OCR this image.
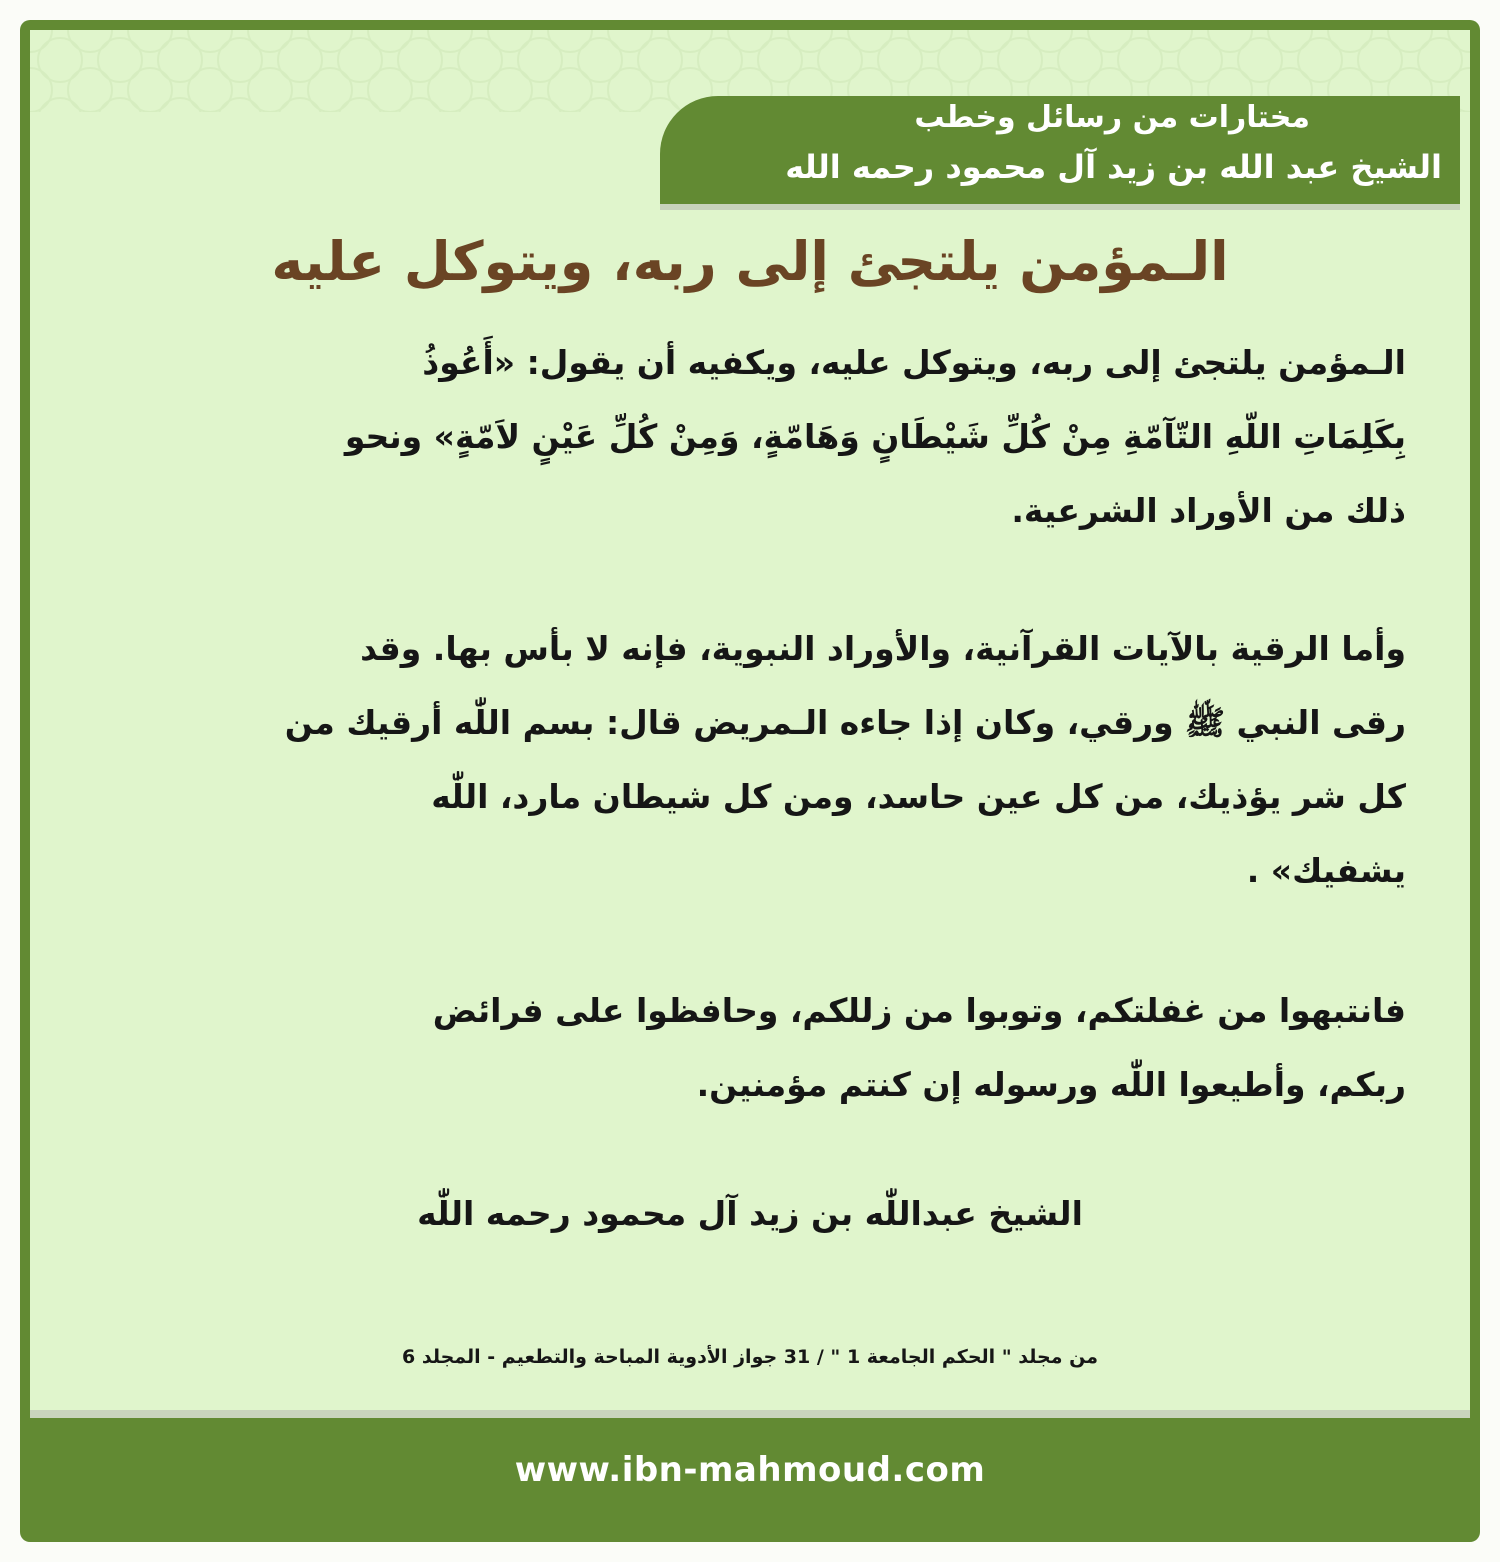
مختارات من رسائل وخطب
الشيخ عبد الله بن زيد آل محمود رحمه الله
الـمؤمن يلتجئ إلى ربه، ويتوكل عليه
الـمؤمن يلتجئ إلى ربه، ويتوكل عليه، ويكفيه أن يقول: «أَعُوذُ
بِكَلِمَاتِ اللّهِ التّآمّةِ مِنْ كُلِّ شَيْطَانٍ وَهَامّةٍ، وَمِنْ كُلِّ عَيْنٍ لاَمّةٍ» ونحو
ذلك من الأوراد الشرعية.
وأما الرقية بالآيات القرآنية، والأوراد النبوية، فإنه لا بأس بها. وقد
رقى النبي ﷺ ورقي، وكان إذا جاءه الـمريض قال: بسم اللّٰه أرقيك من
كل شر يؤذيك، من كل عين حاسد، ومن كل شيطان مارد، اللّٰه
يشفيك» .
فانتبهوا من غفلتكم، وتوبوا من زللكم، وحافظوا على فرائض
ربكم، وأطيعوا اللّٰه ورسوله إن كنتم مؤمنين.
الشيخ عبداللّٰه بن زيد آل محمود رحمه اللّٰه
من مجلد " الحكم الجامعة 1 " / 31 جواز الأدوية المباحة والتطعيم - المجلد 6
www.ibn-mahmoud.com
